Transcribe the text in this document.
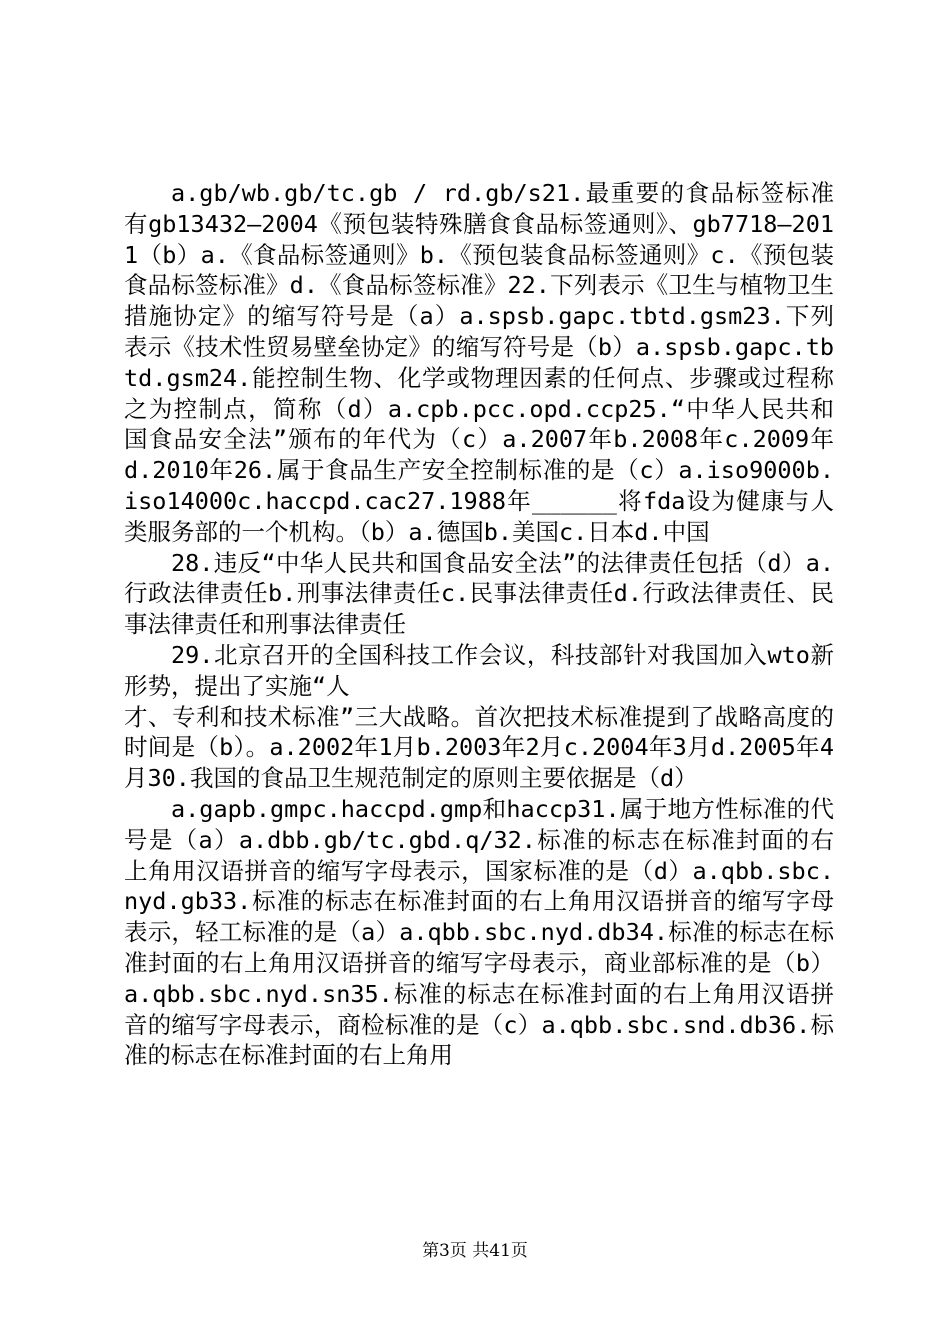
a.gb/wb.gb/tc.gb / rd.gb/s21.最重要的食品标签标准有gb13432—2004《预包装特殊膳食食品标签通则》、gb7718—2011（b）a.《食品标签通则》b.《预包装食品标签通则》c.《预包装食品标签标准》d.《食品标签标准》22.下列表示《卫生与植物卫生措施协定》的缩写符号是（a）a.spsb.gapc.tbtd.gsm23.下列表示《技术性贸易壁垒协定》的缩写符号是（b）a.spsb.gapc.tbtd.gsm24.能控制生物、化学或物理因素的任何点、步骤或过程称之为控制点，简称（d）a.cpb.pcc.opd.ccp25.“中华人民共和国食品安全法”颁布的年代为（c）a.2007年b.2008年c.2009年d.2010年26.属于食品生产安全控制标准的是（c）a.iso9000b.iso14000c.haccpd.cac27.1988年______将fda设为健康与人类服务部的一个机构。（b）a.德国b.美国c.日本d.中国

28.违反“中华人民共和国食品安全法”的法律责任包括（d）a.行政法律责任b.刑事法律责任c.民事法律责任d.行政法律责任、民事法律责任和刑事法律责任

29.北京召开的全国科技工作会议，科技部针对我国加入wto新形势，提出了实施“人

才、专利和技术标准”三大战略。首次把技术标准提到了战略高度的时间是（b）。a.2002年1月b.2003年2月c.2004年3月d.2005年4月30.我国的食品卫生规范制定的原则主要依据是（d）

a.gapb.gmpc.haccpd.gmp和haccp31.属于地方性标准的代号是（a）a.dbb.gb/tc.gbd.q/32.标准的标志在标准封面的右上角用汉语拼音的缩写字母表示，国家标准的是（d）a.qbb.sbc.nyd.gb33.标准的标志在标准封面的右上角用汉语拼音的缩写字母表示，轻工标准的是（a）a.qbb.sbc.nyd.db34.标准的标志在标准封面的右上角用汉语拼音的缩写字母表示，商业部标准的是（b）a.qbb.sbc.nyd.sn35.标准的标志在标准封面的右上角用汉语拼音的缩写字母表示，商检标准的是（c）a.qbb.sbc.snd.db36.标准的标志在标准封面的右上角用

第3页 共41页
